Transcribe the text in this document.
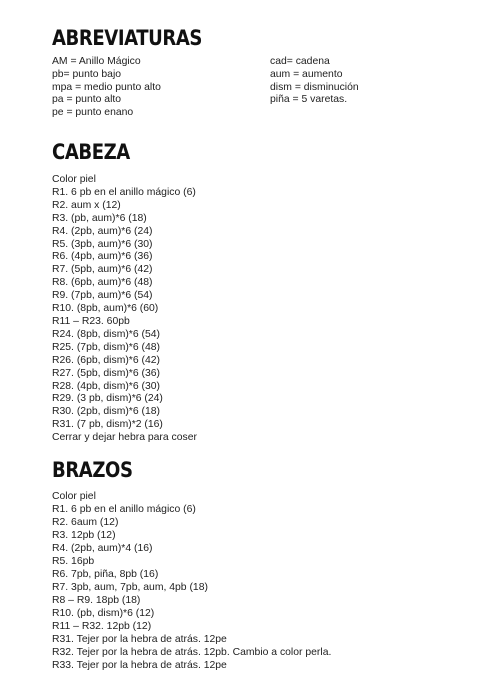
ABREVIATURAS
AM = Anillo Mágico
pb= punto bajo
mpa = medio punto alto
pa = punto alto
pe = punto enano
cad= cadena
aum = aumento
dism = disminución
piña = 5 varetas.
CABEZA
Color piel
R1. 6 pb en el anillo mágico (6)
R2. aum x (12)
R3. (pb, aum)*6 (18)
R4. (2pb, aum)*6 (24)
R5. (3pb, aum)*6 (30)
R6. (4pb, aum)*6 (36)
R7. (5pb, aum)*6 (42)
R8. (6pb, aum)*6 (48)
R9. (7pb, aum)*6 (54)
R10. (8pb, aum)*6 (60)
R11 – R23. 60pb
R24. (8pb, dism)*6 (54)
R25. (7pb, dism)*6 (48)
R26. (6pb, dism)*6 (42)
R27. (5pb, dism)*6 (36)
R28. (4pb, dism)*6 (30)
R29. (3 pb, dism)*6 (24)
R30. (2pb, dism)*6 (18)
R31. (7 pb, dism)*2 (16)
Cerrar y dejar hebra para coser
BRAZOS
Color piel
R1. 6 pb en el anillo mágico (6)
R2. 6aum (12)
R3. 12pb (12)
R4. (2pb, aum)*4 (16)
R5. 16pb
R6. 7pb, piña, 8pb (16)
R7. 3pb, aum, 7pb, aum, 4pb (18)
R8 – R9. 18pb (18)
R10. (pb, dism)*6 (12)
R11 – R32. 12pb (12)
R31. Tejer por la hebra de atrás. 12pe
R32. Tejer por la hebra de atrás. 12pb. Cambio a color perla.
R33. Tejer por la hebra de atrás. 12pe
